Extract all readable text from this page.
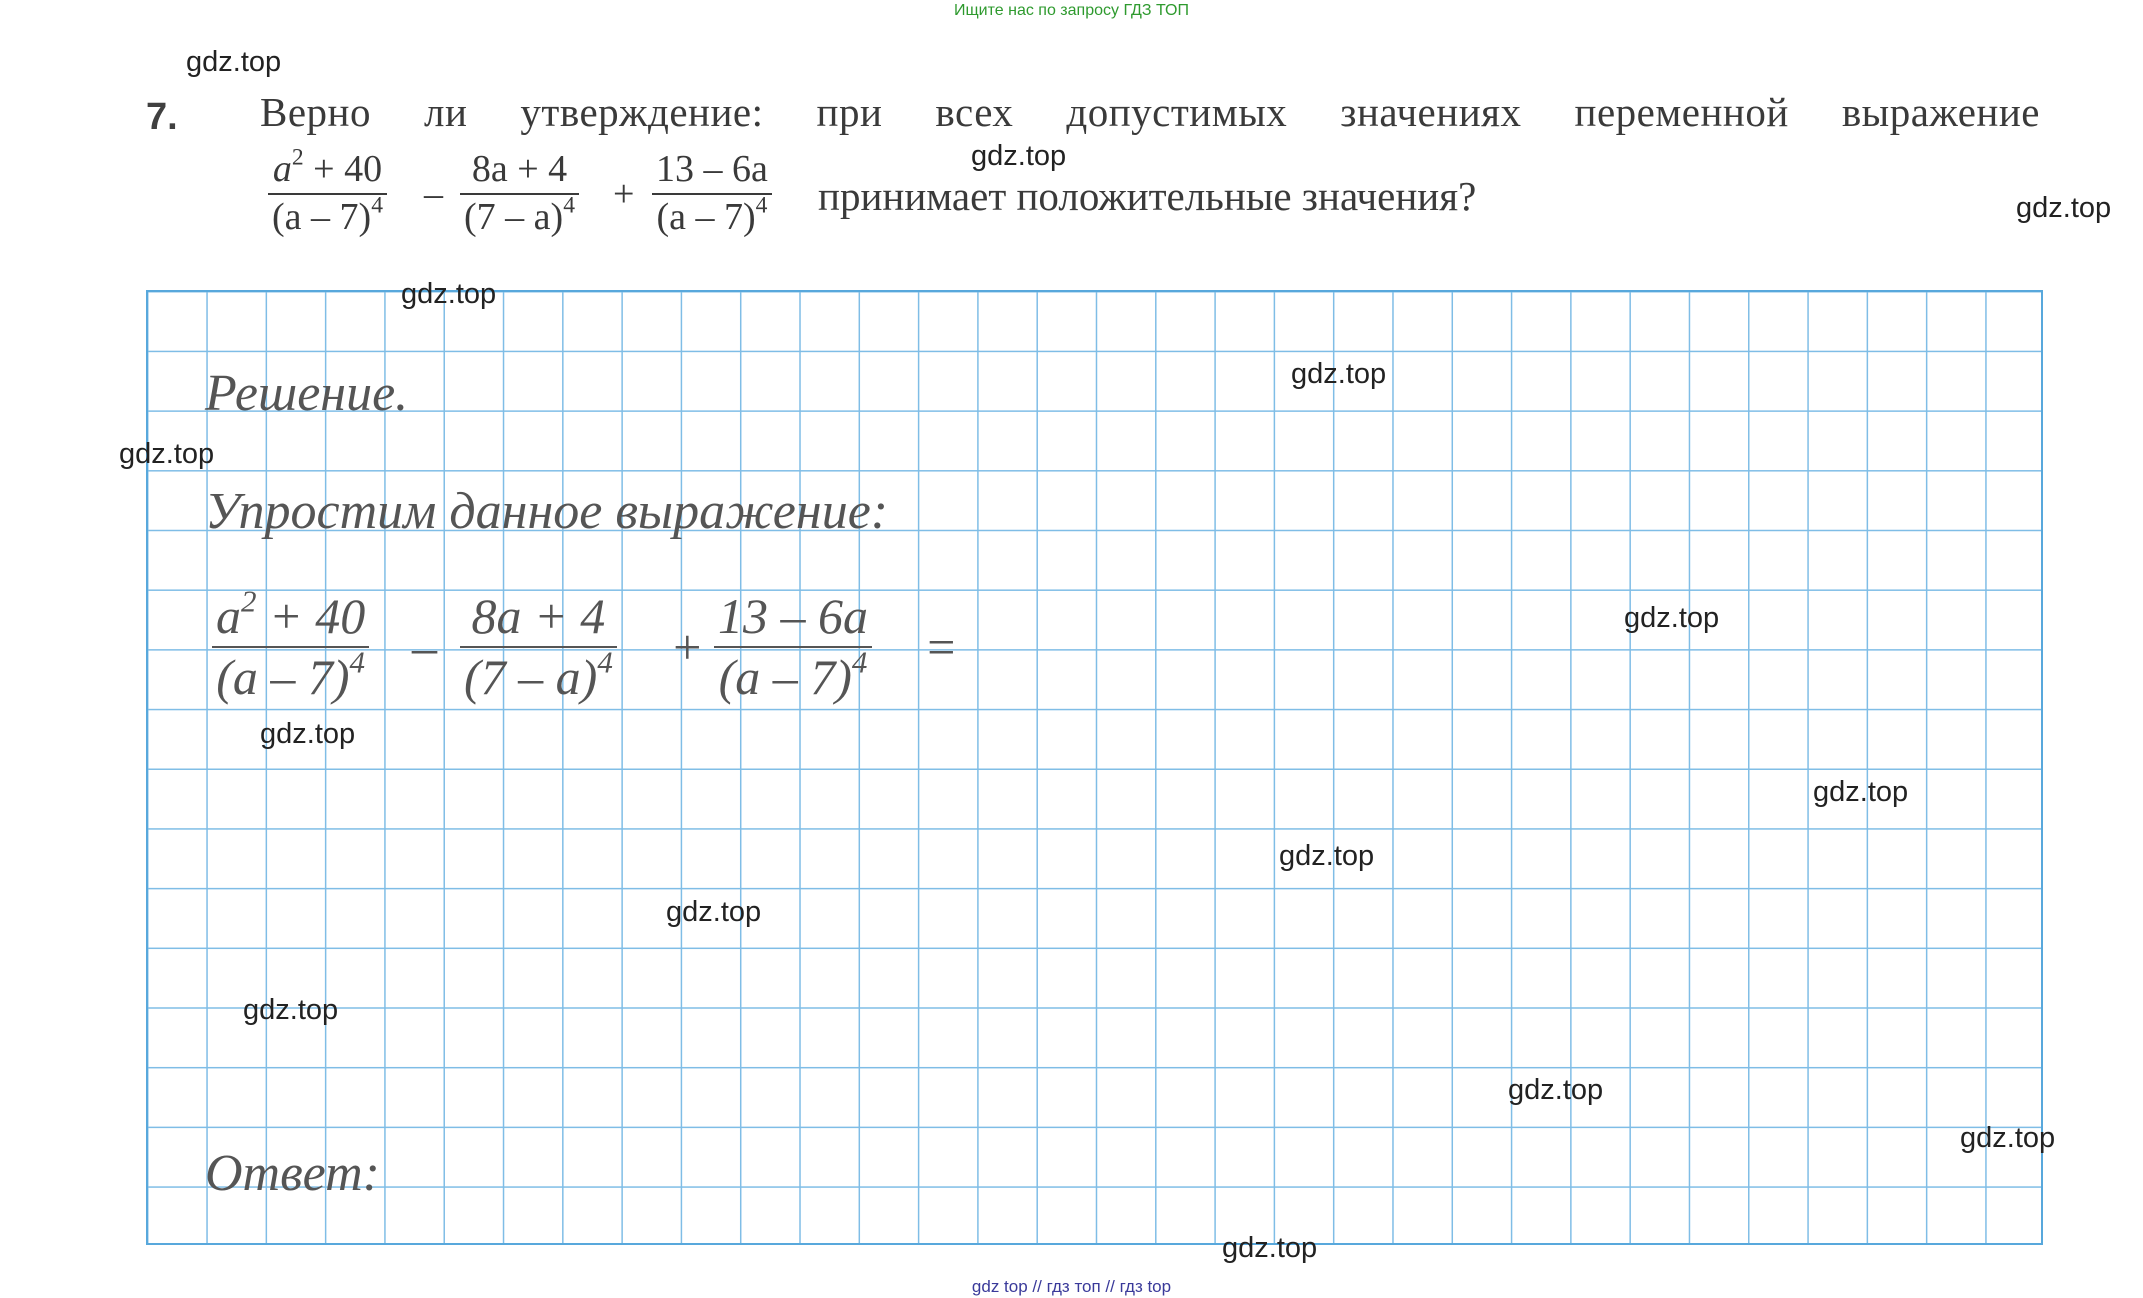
Ищите нас по запросу ГДЗ ТОП
7. Верно ли утверждение: при всех допустимых значениях переменной выражение
$a^2 + 40$
(a – 7)$^4$ –
8a + 4
(7 – a)$^4$ +
13 – 6a
(a – 7)$^4$ принимает положительные значения?
Решение.
Упростим данное выражение:
$a^2 + 40$
(a – 7)$^4$ –
8a + 4
(7 – a)$^4$ +
13 – 6a
(a – 7)$^4$ =
Ответ:
gdz.top
gdz.top
gdz.top
gdz.top
gdz.top
gdz.top
gdz.top
gdz.top
gdz.top
gdz.top
gdz.top
gdz.top
gdz.top
gdz.top
gdz.top
gdz top // гдз топ // гдз top
